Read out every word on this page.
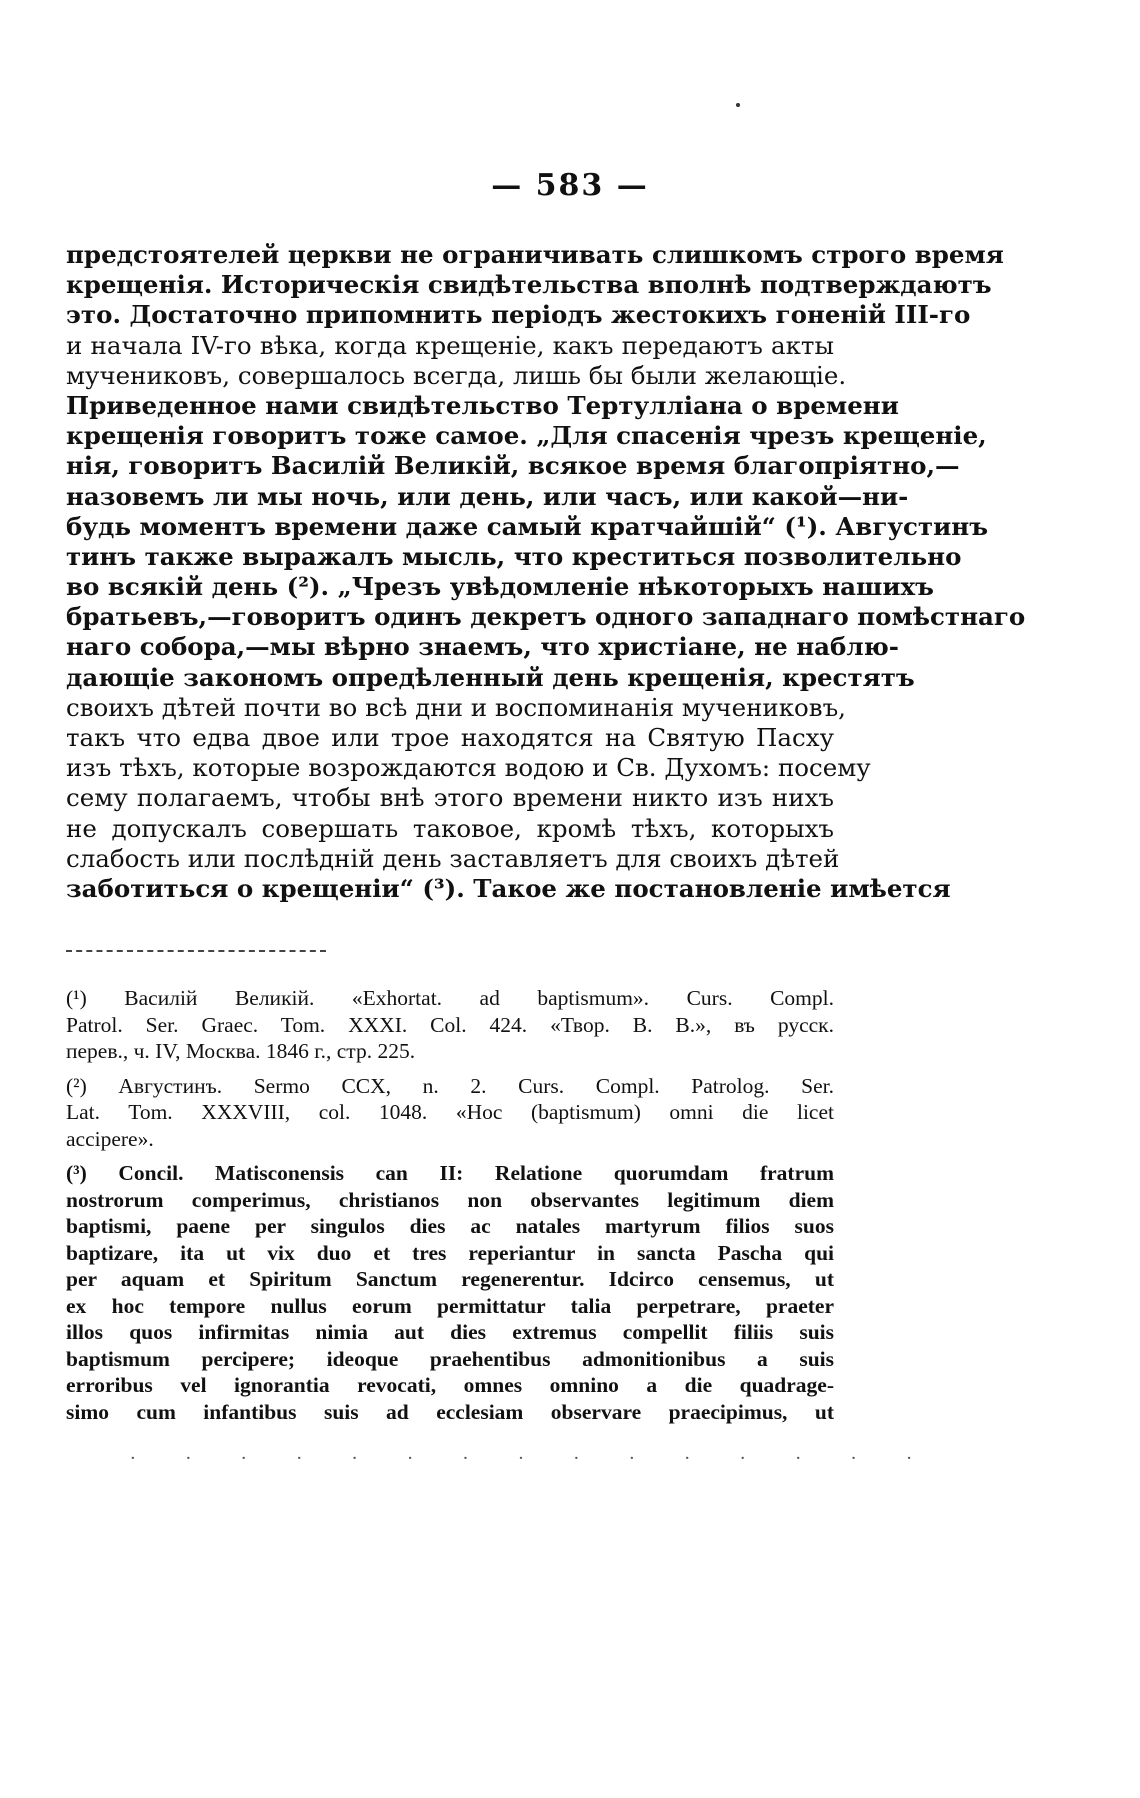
— 583 —
предстоятелей церкви не ограничивать слишкомъ строго время
крещенія. Историческія свидѣтельства вполнѣ подтверждаютъ
это. Достаточно припомнить періодъ жестокихъ гоненій III-го
и начала IV-го вѣка, когда крещеніе, какъ передаютъ акты
мучениковъ, совершалось всегда, лишь бы были желающіе.
Приведенное нами свидѣтельство Тертулліана о времени
крещенія говоритъ тоже самое. „Для спасенія чрезъ крещеніе,
нія, говоритъ Василій Великій, всякое время благопріятно,—
назовемъ ли мы ночь, или день, или часъ, или какой—ни-
будь моментъ времени даже самый кратчайшій“ (¹). Августинъ
тинъ также выражалъ мысль, что креститься позволительно
во всякій день (²). „Чрезъ увѣдомленіе нѣкоторыхъ нашихъ
братьевъ,—говоритъ одинъ декретъ одного западнаго помѣстнаго
наго собора,—мы вѣрно знаемъ, что христiане, не наблю-
дающіе закономъ опредѣленный день крещенія, крестятъ
своихъ дѣтей почти во всѣ дни и воспоминанія мучениковъ,
такъ что едва двое или трое находятся на Святую Пасху
изъ тѣхъ, которые возрождаются водою и Св. Духомъ: посему
сему полагаемъ, чтобы внѣ этого времени никто изъ нихъ
не допускалъ совершать таковое, кромѣ тѣхъ, которыхъ
слабость или послѣдній день заставляетъ для своихъ дѣтей
заботиться о крещеніи“ (³). Такое же постановленіе имѣется
(¹) Василій Великій. «Exhortat. ad baptismum». Curs. Compl.
Patrol. Ser. Graec. Tom. XXXI. Col. 424. «Твор. В. В.», въ русск.
перев., ч. IV, Москва. 1846 г., стр. 225.
(²) Августинъ. Sermo CCX, n. 2. Curs. Compl. Patrolog. Ser.
Lat. Tom. XXXVIII, col. 1048. «Hoc (baptismum) omni die licet
accipere».
(³) Concil. Matisconensis can II: Relatione quorumdam fratrum
nostrorum comperimus, christianos non observantes legitimum diem
baptismi, paene per singulos dies ac natales martyrum filios suos
baptizare, ita ut vix duo et tres reperiantur in sancta Pascha qui
per aquam et Spiritum Sanctum regenerentur. Idcirco censemus, ut
ex hoc tempore nullus eorum permittatur talia perpetrare, praeter
illos quos infirmitas nimia aut dies extremus compellit filiis suis
baptismum percipere; ideoque praehentibus admonitionibus a suis
erroribus vel ignorantia revocati, omnes omnino a die quadrage-
simo cum infantibus suis ad ecclesiam observare praecipimus, ut
· · · · · · · · · · · · · · ·
